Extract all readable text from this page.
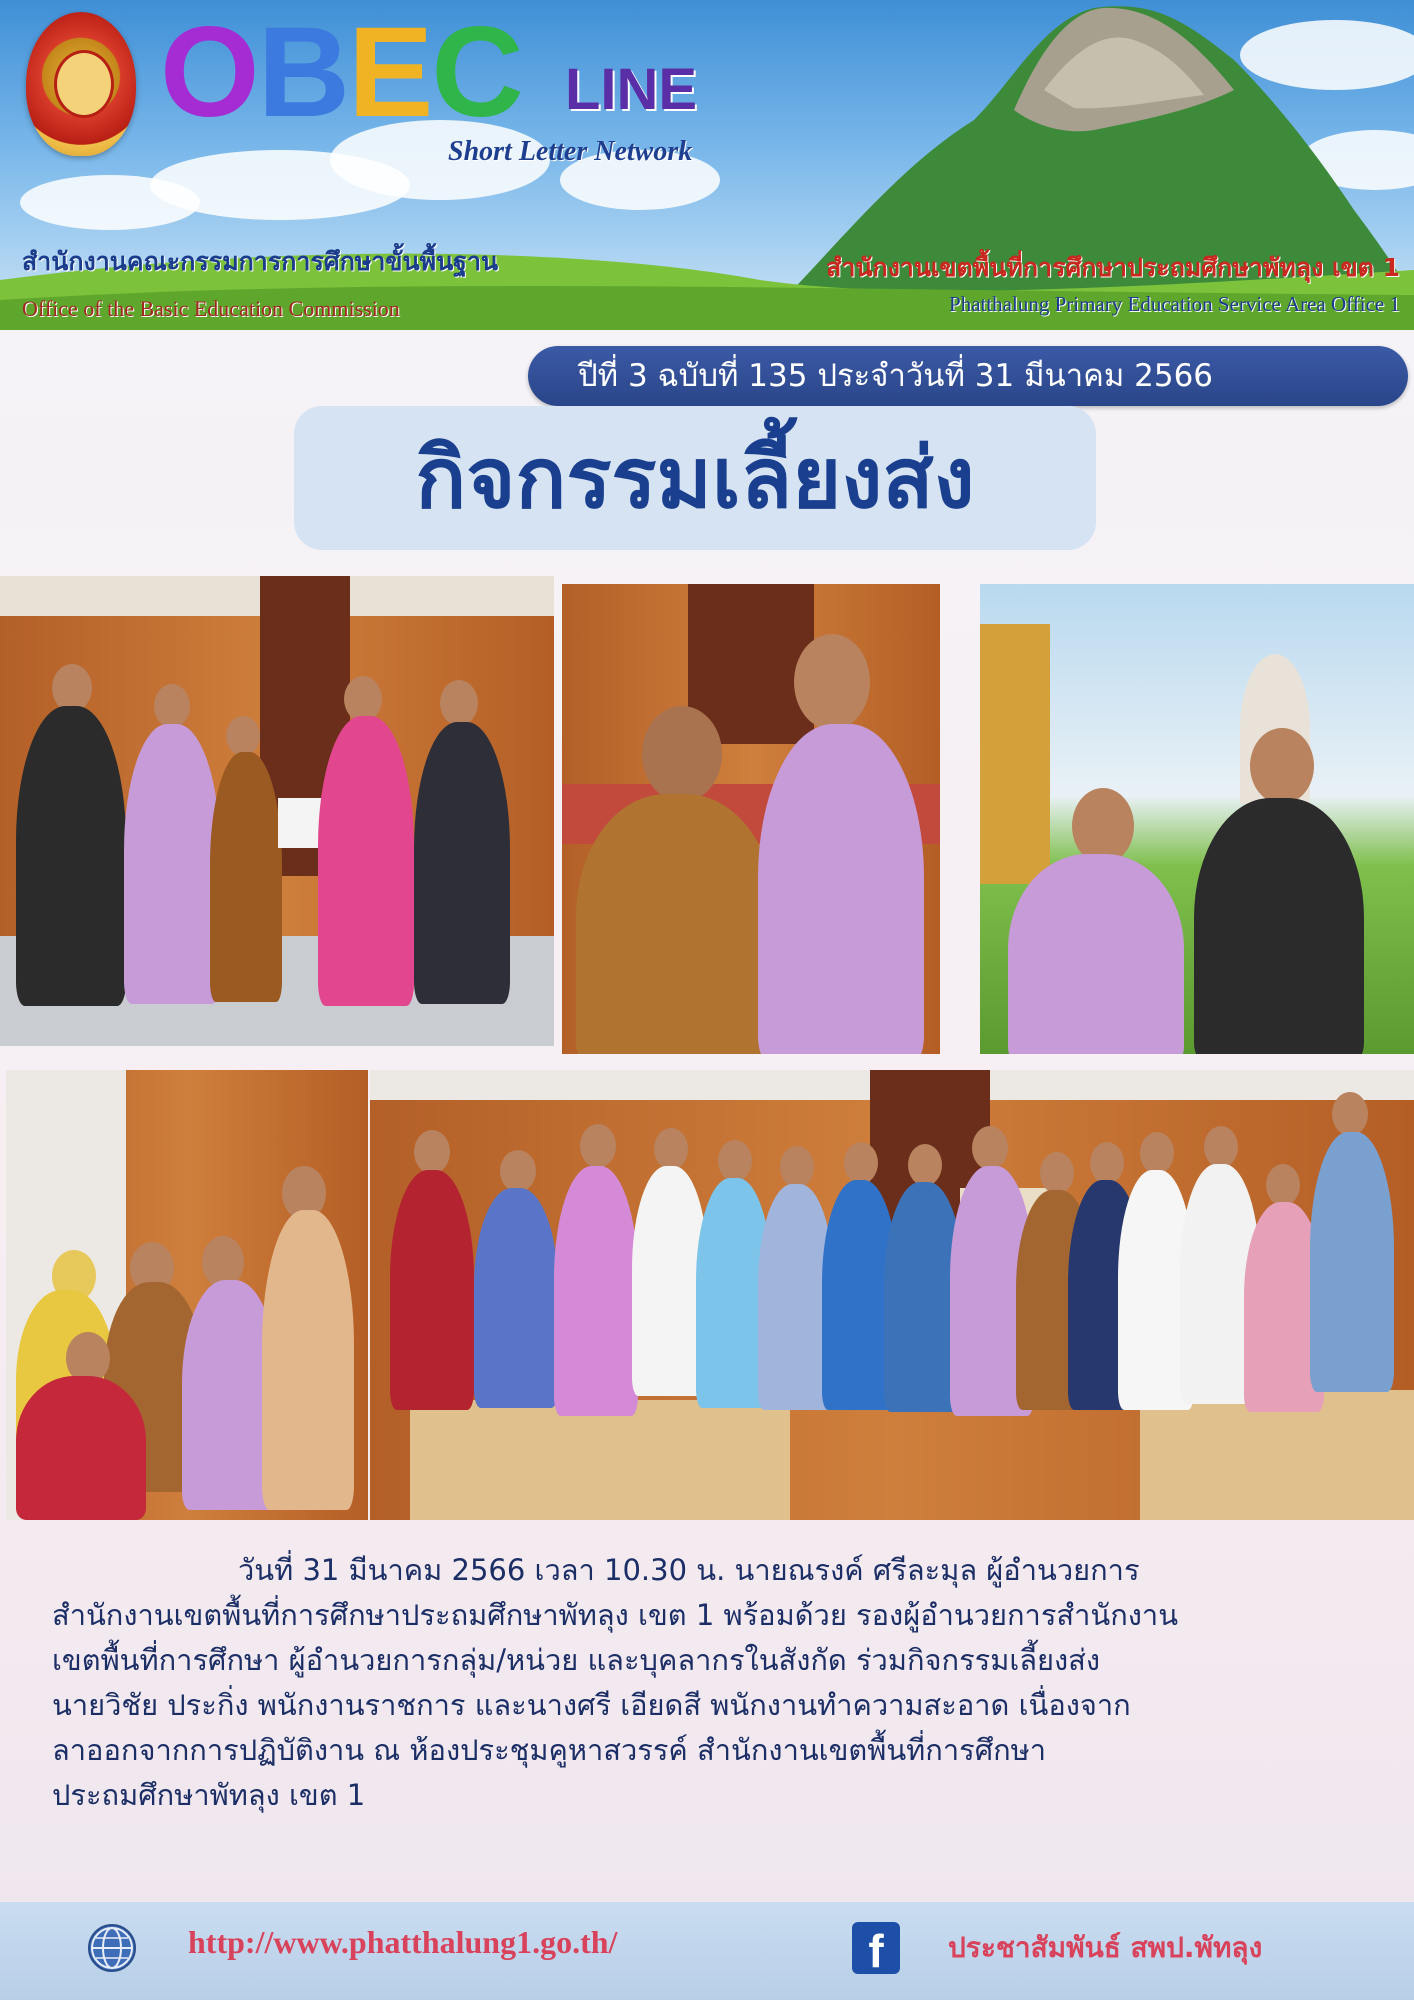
OBEC LINE
Short Letter Network
สำนักงานคณะกรรมการการศึกษาขั้นพื้นฐาน
Office of the Basic Education Commission
สำนักงานเขตพื้นที่การศึกษาประถมศึกษาพัทลุง เขต 1
Phatthalung Primary Education Service Area Office 1
ปีที่ 3 ฉบับที่ 135 ประจำวันที่ 31 มีนาคม 2566
กิจกรรมเลี้ยงส่ง
วันที่ 31 มีนาคม 2566 เวลา 10.30 น. นายณรงค์ ศรีละมุล ผู้อำนวยการ
สำนักงานเขตพื้นที่การศึกษาประถมศึกษาพัทลุง เขต 1 พร้อมด้วย รองผู้อำนวยการสำนักงาน
เขตพื้นที่การศึกษา ผู้อำนวยการกลุ่ม/หน่วย และบุคลากรในสังกัด ร่วมกิจกรรมเลี้ยงส่ง
นายวิชัย ประกิ่ง พนักงานราชการ และนางศรี เอียดสี พนักงานทำความสะอาด เนื่องจาก
ลาออกจากการปฏิบัติงาน ณ ห้องประชุมคูหาสวรรค์ สำนักงานเขตพื้นที่การศึกษา
ประถมศึกษาพัทลุง เขต 1
http://www.phatthalung1.go.th/	f	ประชาสัมพันธ์ สพป.พัทลุง
